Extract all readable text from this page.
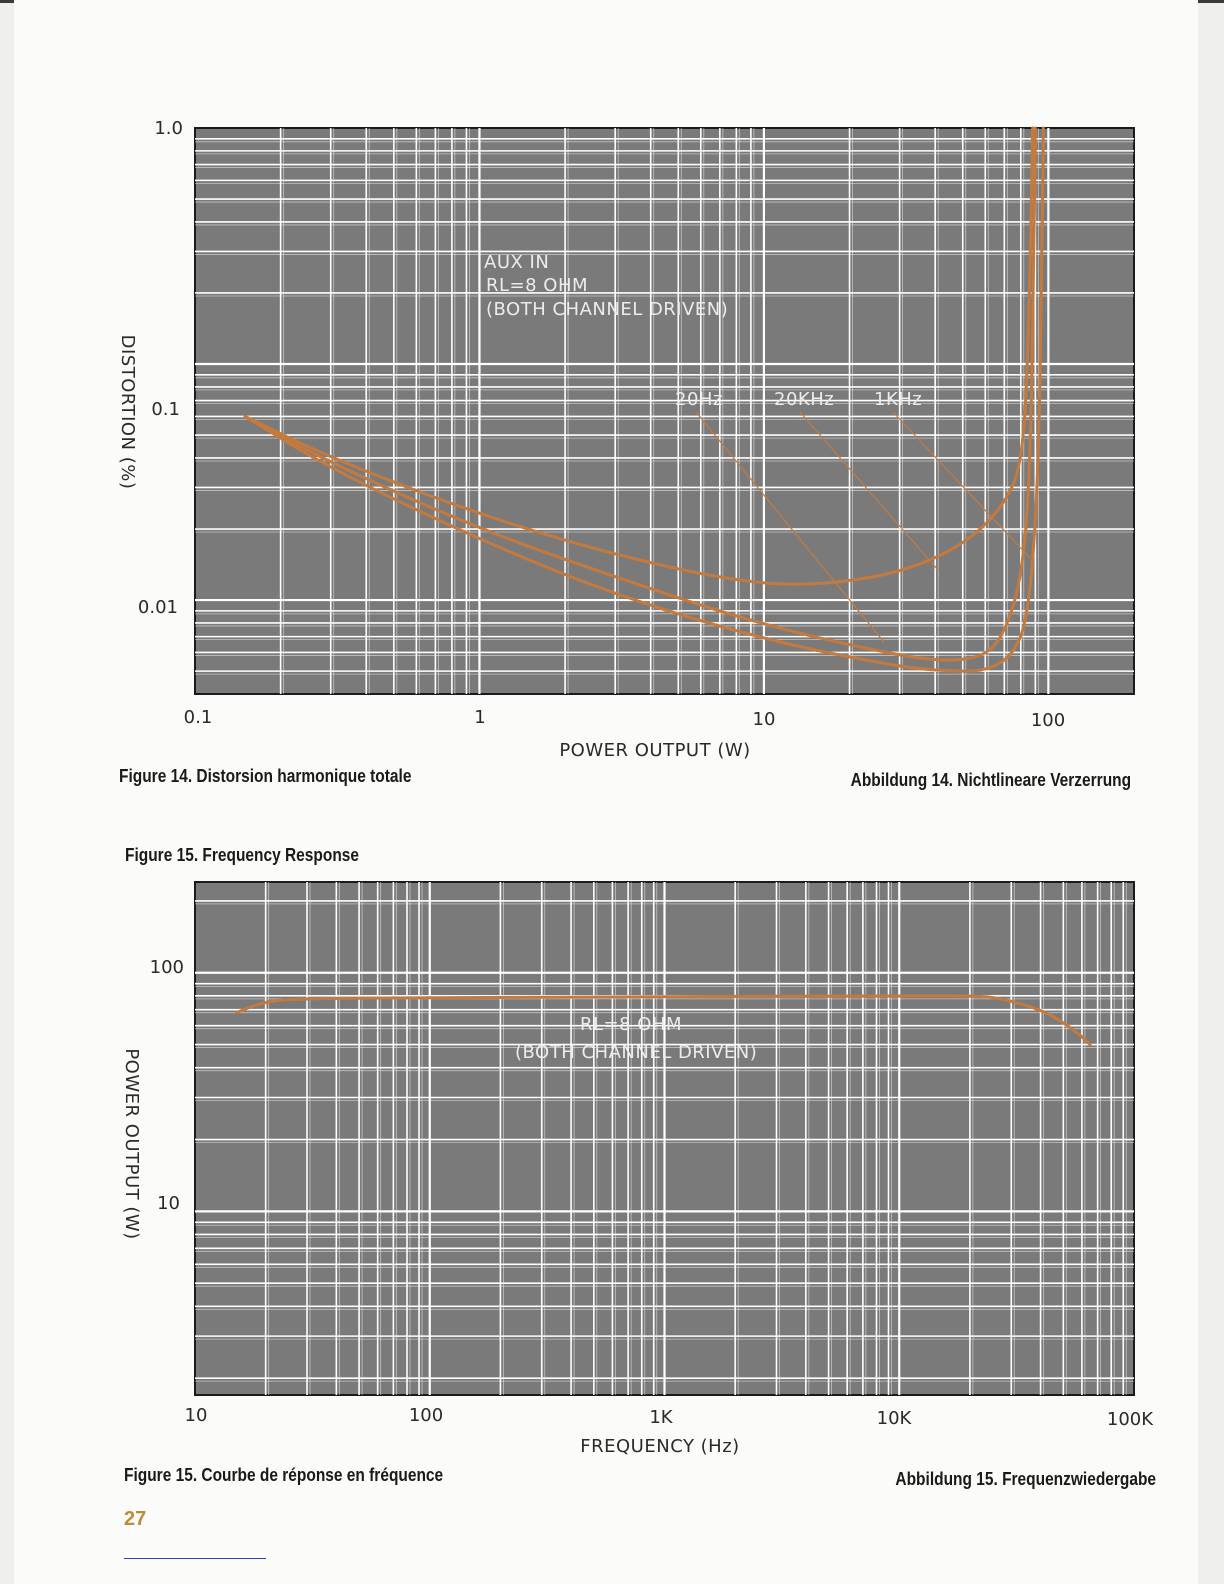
AUX IN
RL=8 OHM
(BOTH CHANNEL DRIVEN)
20Hz	20KHz 1KHz
1.0
0.1
0.01
0.1	1	10	100
POWER OUTPUT (W)
DISTORTION (%)
RL=8 OHM
(BOTH CHANNEL DRIVEN)
100
10
10	100	1K	10K	100K
FREQUENCY (Hz)
POWER OUTPUT (W)
Figure 14. Distorsion harmonique totale	Abbildung 14. Nichtlineare Verzerrung
Figure 15. Frequency Response
Figure 15. Courbe de réponse en fréquence	Abbildung 15. Frequenzwiedergabe
27
